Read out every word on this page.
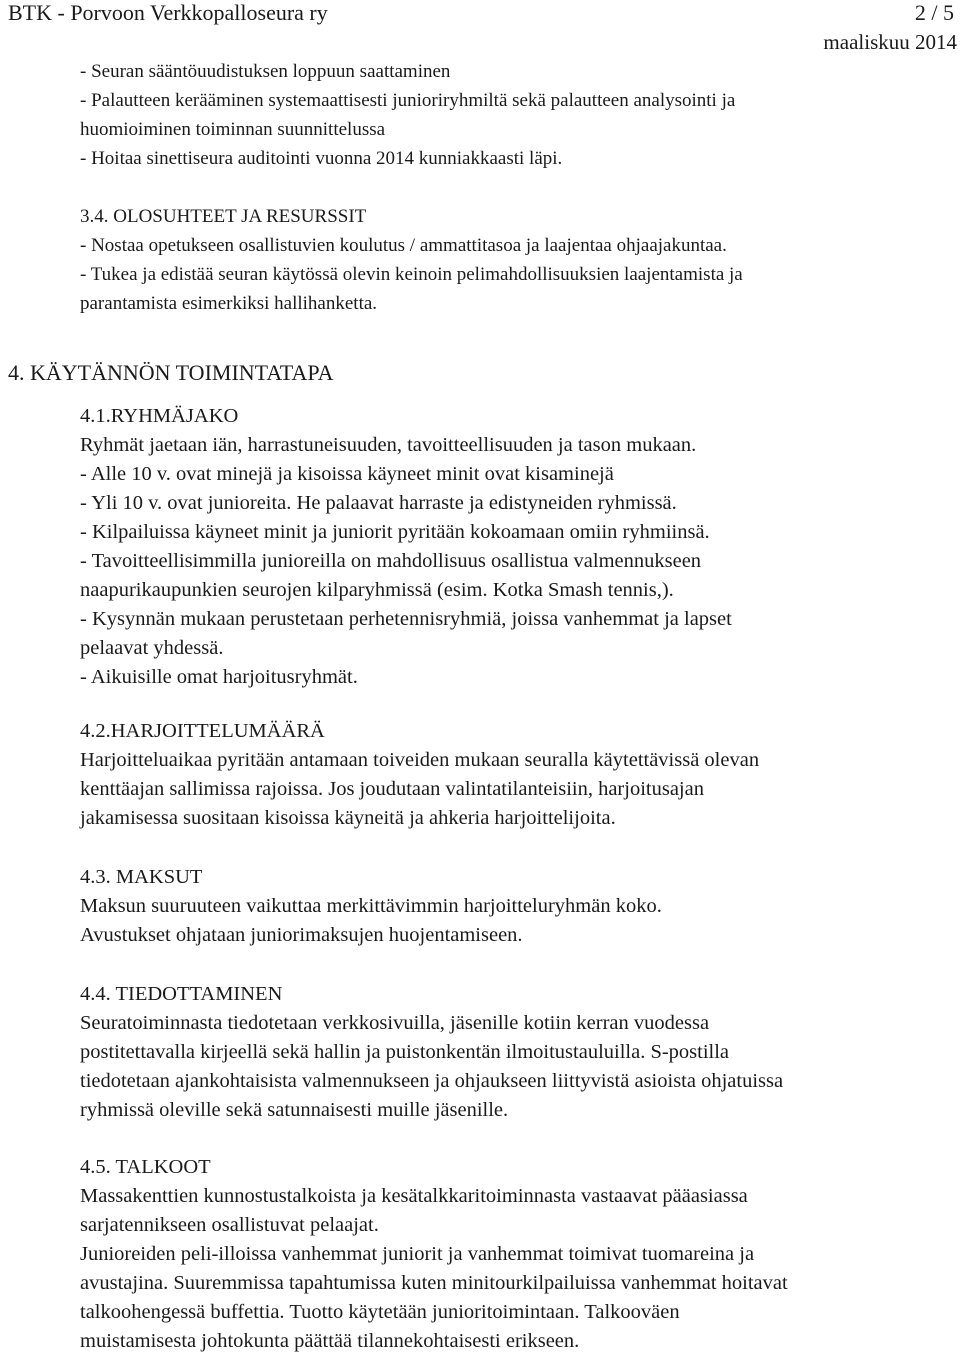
BTK - Porvoon Verkkopalloseura ry	2 / 5
maaliskuu 2014
- Seuran sääntöuudistuksen loppuun saattaminen
- Palautteen kerääminen systemaattisesti junioriryhmiltä sekä palautteen analysointi ja
huomioiminen toiminnan suunnittelussa
- Hoitaa sinettiseura auditointi vuonna 2014 kunniakkaasti läpi.
3.4. OLOSUHTEET JA RESURSSIT
- Nostaa opetukseen osallistuvien koulutus / ammattitasoa ja laajentaa ohjaajakuntaa.
- Tukea ja edistää seuran käytössä olevin keinoin pelimahdollisuuksien laajentamista ja
parantamista esimerkiksi hallihanketta.
4. KÄYTÄNNÖN TOIMINTATAPA
4.1.RYHMÄJAKO
Ryhmät jaetaan iän, harrastuneisuuden, tavoitteellisuuden ja tason mukaan.
- Alle 10 v. ovat minejä ja kisoissa käyneet minit ovat kisaminejä
- Yli 10 v. ovat junioreita. He palaavat harraste ja edistyneiden ryhmissä.
- Kilpailuissa käyneet minit ja juniorit pyritään kokoamaan omiin ryhmiinsä.
- Tavoitteellisimmilla junioreilla on mahdollisuus osallistua valmennukseen
naapurikaupunkien seurojen kilparyhmissä (esim. Kotka Smash tennis,).
- Kysynnän mukaan perustetaan perhetennisryhmiä, joissa vanhemmat ja lapset
pelaavat yhdessä.
- Aikuisille omat harjoitusryhmät.
4.2.HARJOITTELUMÄÄRÄ
Harjoitteluaikaa pyritään antamaan toiveiden mukaan seuralla käytettävissä olevan
kenttäajan sallimissa rajoissa. Jos joudutaan valintatilanteisiin, harjoitusajan
jakamisessa suositaan kisoissa käyneitä ja ahkeria harjoittelijoita.
4.3. MAKSUT
Maksun suuruuteen vaikuttaa merkittävimmin harjoitteluryhmän koko.
Avustukset ohjataan juniorimaksujen huojentamiseen.
4.4. TIEDOTTAMINEN
Seuratoiminnasta tiedotetaan verkkosivuilla, jäsenille kotiin kerran vuodessa
postitettavalla kirjeellä sekä hallin ja puistonkentän ilmoitustauluilla. S-postilla
tiedotetaan ajankohtaisista valmennukseen ja ohjaukseen liittyvistä asioista ohjatuissa
ryhmissä oleville sekä satunnaisesti muille jäsenille.
4.5. TALKOOT
Massakenttien kunnostustalkoista ja kesätalkkaritoiminnasta vastaavat pääasiassa
sarjatennikseen osallistuvat pelaajat.
Junioreiden peli-illoissa vanhemmat juniorit ja vanhemmat toimivat tuomareina ja
avustajina. Suuremmissa tapahtumissa kuten minitourkilpailuissa vanhemmat hoitavat
talkoohengessä buffettia. Tuotto käytetään junioritoimintaan. Talkooväen
muistamisesta johtokunta päättää tilannekohtaisesti erikseen.
